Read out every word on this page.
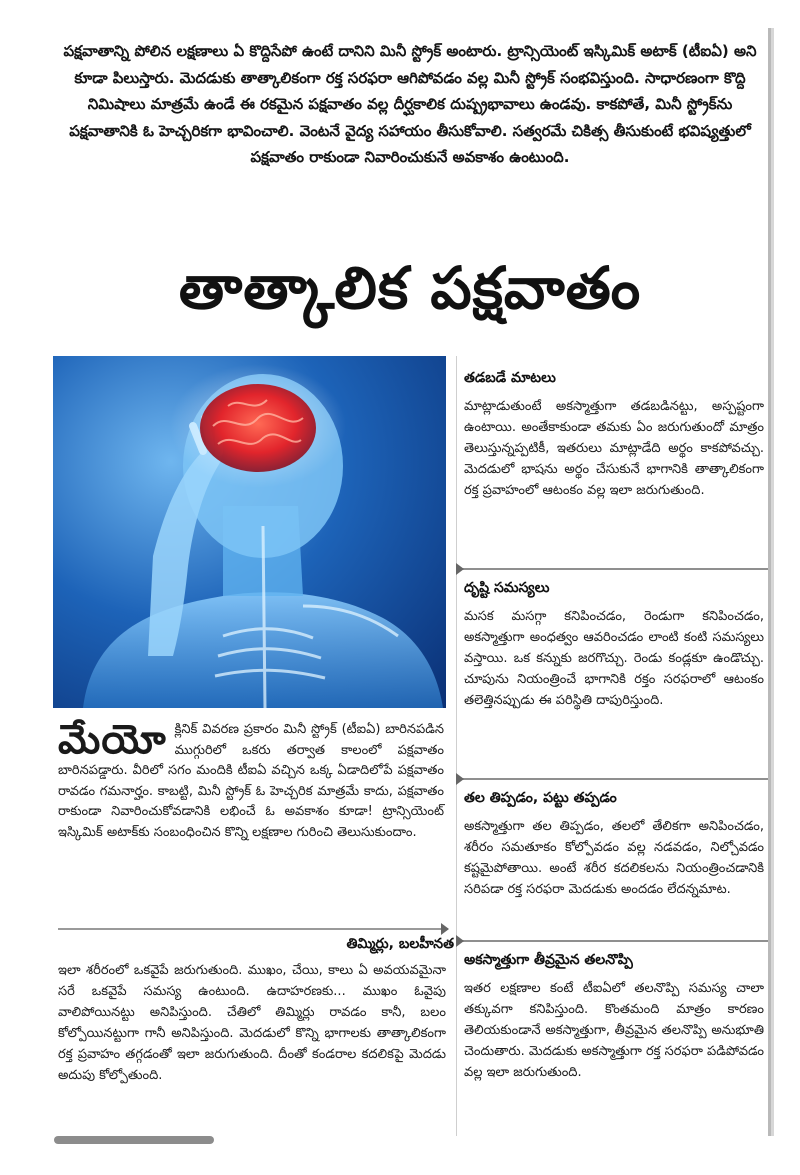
పక్షవాతాన్ని పోలిన లక్షణాలు ఏ కొద్దిసేపో ఉంటే దానిని మినీ స్ట్రోక్ అంటారు. ట్రాన్సియెంట్ ఇస్కిమిక్ అటాక్ (టీఐఏ) అని కూడా పిలుస్తారు. మెదడుకు తాత్కాలికంగా రక్త సరఫరా ఆగిపోవడం వల్ల మినీ స్ట్రోక్ సంభవిస్తుంది. సాధారణంగా కొద్ది నిమిషాలు మాత్రమే ఉండే ఈ రకమైన పక్షవాతం వల్ల దీర్ఘకాలిక దుష్ప్రభావాలు ఉండవు. కాకపోతే, మినీ స్ట్రోక్‌ను పక్షవాతానికి ఓ హెచ్చరికగా భావించాలి. వెంటనే వైద్య సహాయం తీసుకోవాలి. సత్వరమే చికిత్స తీసుకుంటే భవిష్యత్తులో పక్షవాతం రాకుండా నివారించుకునే అవకాశం ఉంటుంది.
తాత్కాలిక పక్షవాతం
మేయో క్లినిక్ వివరణ ప్రకారం మినీ స్ట్రోక్ (టీఐఏ) బారినపడిన ముగ్గురిలో ఒకరు తర్వాత కాలంలో పక్షవాతం బారినపడ్డారు. వీరిలో సగం మందికి టీఐఏ వచ్చిన ఒక్క ఏడాదిలోపే పక్షవాతం రావడం గమనార్హం. కాబట్టి, మినీ స్ట్రోక్ ఓ హెచ్చరిక మాత్రమే కాదు, పక్షవాతం రాకుండా నివారించుకోవడానికి లభించే ఓ అవకాశం కూడా! ట్రాన్సియెంట్ ఇస్కిమిక్ అటాక్‌కు సంబంధించిన కొన్ని లక్షణాల గురించి తెలుసుకుందాం.
తిమ్మిర్లు, బలహీనత
ఇలా శరీరంలో ఒకవైపే జరుగుతుంది. ముఖం, చేయి, కాలు ఏ అవయవమైనా సరే ఒకవైపే సమస్య ఉంటుంది. ఉదాహరణకు... ముఖం ఓవైపు వాలిపోయినట్టు అనిపిస్తుంది. చేతిలో తిమ్మిర్లు రావడం కానీ, బలం కోల్పోయినట్టుగా గానీ అనిపిస్తుంది. మెదడులో కొన్ని భాగాలకు తాత్కాలికంగా రక్త ప్రవాహం తగ్గడంతో ఇలా జరుగుతుంది. దీంతో కండరాల కదలికపై మెదడు అదుపు కోల్పోతుంది.
తడబడే మాటలు
మాట్లాడుతుంటే అకస్మాత్తుగా తడబడినట్టు, అస్పష్టంగా ఉంటాయి. అంతేకాకుండా తమకు ఏం జరుగుతుందో మాత్రం తెలుస్తున్నప్పటికీ, ఇతరులు మాట్లాడేది అర్థం కాకపోవచ్చు. మెదడులో భాషను అర్థం చేసుకునే భాగానికి తాత్కాలికంగా రక్త ప్రవాహంలో ఆటంకం వల్ల ఇలా జరుగుతుంది.
దృష్టి సమస్యలు
మసక మసగ్గా కనిపించడం, రెండుగా కనిపించడం, అకస్మాత్తుగా అంధత్వం ఆవరించడం లాంటి కంటి సమస్యలు వస్తాయి. ఒక కన్నుకు జరగొచ్చు. రెండు కండ్లకూ ఉండొచ్చు. చూపును నియంత్రించే భాగానికి రక్తం సరఫరాలో ఆటంకం తలెత్తినప్పుడు ఈ పరిస్థితి దాపురిస్తుంది.
తల తిప్పడం, పట్టు తప్పడం
అకస్మాత్తుగా తల తిప్పడం, తలలో తేలికగా అనిపించడం, శరీరం సమతూకం కోల్పోవడం వల్ల నడవడం, నిల్చోవడం కష్టమైపోతాయి. అంటే శరీర కదలికలను నియంత్రించడానికి సరిపడా రక్త సరఫరా మెదడుకు అందడం లేదన్నమాట.
అకస్మాత్తుగా తీవ్రమైన తలనొప్పి
ఇతర లక్షణాల కంటే టీఐఏలో తలనొప్పి సమస్య చాలా తక్కువగా కనిపిస్తుంది. కొంతమంది మాత్రం కారణం తెలియకుండానే అకస్మాత్తుగా, తీవ్రమైన తలనొప్పి అనుభూతి చెందుతారు. మెదడుకు అకస్మాత్తుగా రక్త సరఫరా పడిపోవడం వల్ల ఇలా జరుగుతుంది.
